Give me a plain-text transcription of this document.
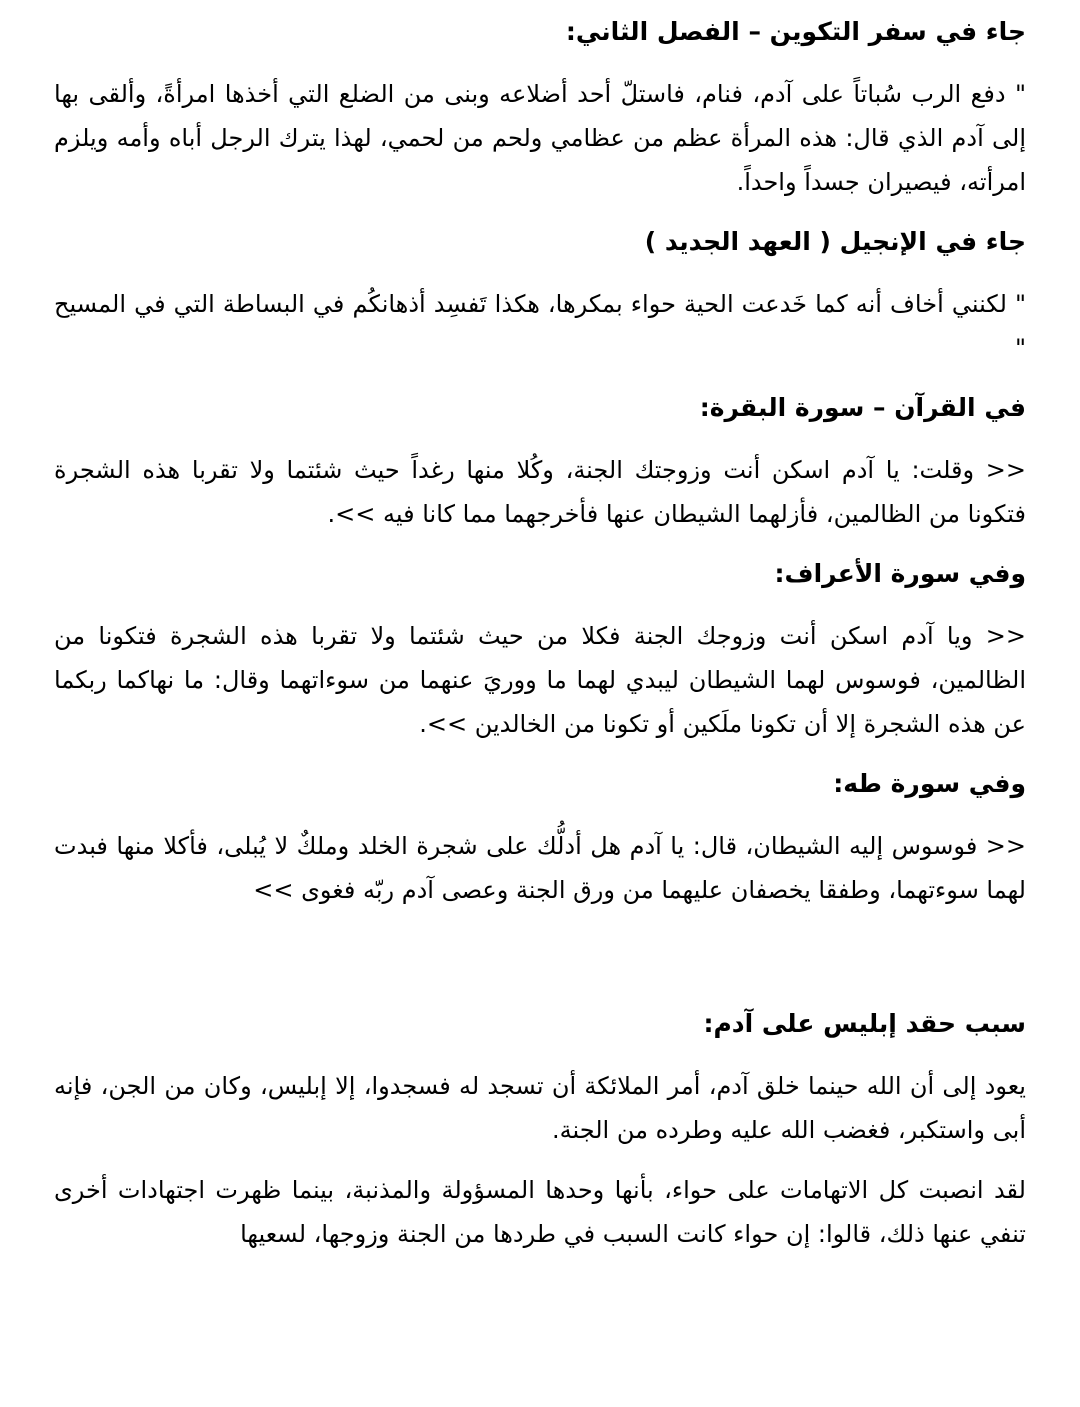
جاء في سفر التكوين – الفصل الثاني:

" دفع الرب سُباتاً على آدم، فنام، فاستلّ أحد أضلاعه وبنى من الضلع التي أخذها امرأةً، وألقى بها إلى آدم الذي قال: هذه المرأة عظم من عظامي ولحم من لحمي، لهذا يترك الرجل أباه وأمه ويلزم امرأته، فيصيران جسداً واحداً.

جاء في الإنجيل ( العهد الجديد )

" لكنني أخاف أنه كما خَدعت الحية حواء بمكرها، هكذا تَفسِد أذهانكُم في البساطة التي في المسيح "

في القرآن – سورة البقرة:

<< وقلت: يا آدم اسكن أنت وزوجتك الجنة، وكُلا منها رغداً حيث شئتما ولا تقربا هذه الشجرة فتكونا من الظالمين، فأزلهما الشيطان عنها فأخرجهما مما كانا فيه >>.

وفي سورة الأعراف:

<< ويا آدم اسكن أنت وزوجك الجنة فكلا من حيث شئتما ولا تقربا هذه الشجرة فتكونا من الظالمين، فوسوس لهما الشيطان ليبدي لهما ما ووريَ عنهما من سوءاتهما وقال: ما نهاكما ربكما عن هذه الشجرة إلا أن تكونا ملَكين أو تكونا من الخالدين >>.

وفي سورة طه:

<< فوسوس إليه الشيطان، قال: يا آدم هل أدلُّك على شجرة الخلد وملكٌ لا يُبلى، فأكلا منها فبدت لهما سوءتهما، وطفقا يخصفان عليهما من ورق الجنة وعصى آدم ربّه فغوى >>

سبب حقد إبليس على آدم:

يعود إلى أن الله حينما خلق آدم، أمر الملائكة أن تسجد له فسجدوا، إلا إبليس، وكان من الجن، فإنه أبى واستكبر، فغضب الله عليه وطرده من الجنة.

لقد انصبت كل الاتهامات على حواء، بأنها وحدها المسؤولة والمذنبة، بينما ظهرت اجتهادات أخرى تنفي عنها ذلك، قالوا: إن حواء كانت السبب في طردها من الجنة وزوجها، لسعيها
